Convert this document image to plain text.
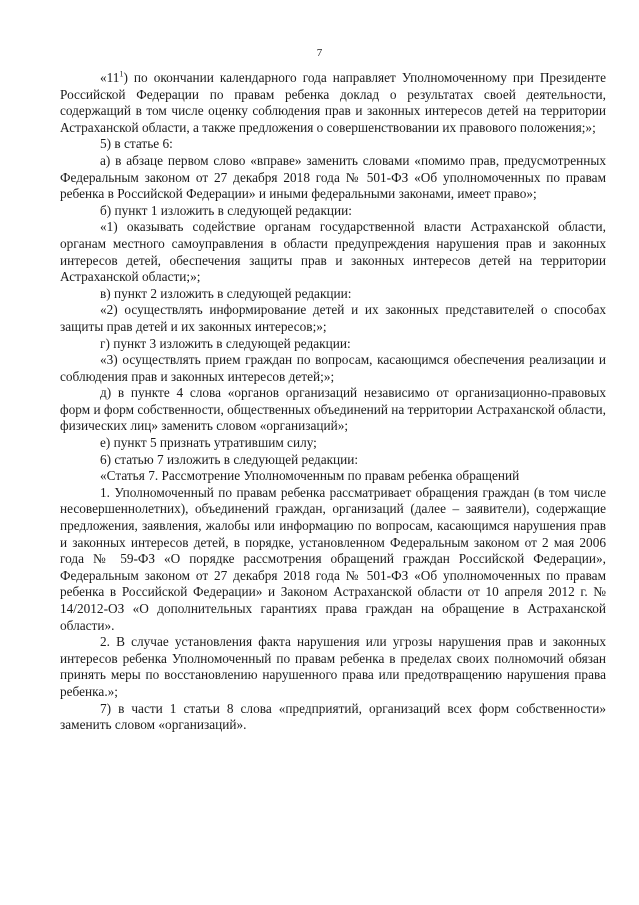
7

«$11^1$) по окончании календарного года направляет Уполномоченному при Президенте Российской Федерации по правам ребенка доклад о результатах своей деятельности, содержащий в том числе оценку соблюдения прав и законных интересов детей на территории Астраханской области, а также предложения о совершенствовании их правового положения;»;

5) в статье 6:

а) в абзаце первом слово «вправе» заменить словами «помимо прав, предусмотренных Федеральным законом от 27 декабря 2018 года № 501-ФЗ «Об уполномоченных по правам ребенка в Российской Федерации» и иными федеральными законами, имеет право»;

б) пункт 1 изложить в следующей редакции:

«1) оказывать содействие органам государственной власти Астраханской области, органам местного самоуправления в области предупреждения нарушения прав и законных интересов детей, обеспечения защиты прав и законных интересов детей на территории Астраханской области;»;

в) пункт 2 изложить в следующей редакции:

«2) осуществлять информирование детей и их законных представителей о способах защиты прав детей и их законных интересов;»;

г) пункт 3 изложить в следующей редакции:

«3) осуществлять прием граждан по вопросам, касающимся обеспечения реализации и соблюдения прав и законных интересов детей;»;

д) в пункте 4 слова «органов организаций независимо от организационно-правовых форм и форм собственности, общественных объединений на территории Астраханской области, физических лиц» заменить словом «организаций»;

е) пункт 5 признать утратившим силу;

6) статью 7 изложить в следующей редакции:

«Статья 7. Рассмотрение Уполномоченным по правам ребенка обращений

1. Уполномоченный по правам ребенка рассматривает обращения граждан (в том числе несовершеннолетних), объединений граждан, организаций (далее – заявители), содержащие предложения, заявления, жалобы или информацию по вопросам, касающимся нарушения прав и законных интересов детей, в порядке, установленном Федеральным законом от 2 мая 2006 года № 59-ФЗ «О порядке рассмотрения обращений граждан Российской Федерации», Федеральным законом от 27 декабря 2018 года № 501-ФЗ «Об уполномоченных по правам ребенка в Российской Федерации» и Законом Астраханской области от 10 апреля 2012 г. № 14/2012-ОЗ «О дополнительных гарантиях права граждан на обращение в Астраханской области».

2. В случае установления факта нарушения или угрозы нарушения прав и законных интересов ребенка Уполномоченный по правам ребенка в пределах своих полномочий обязан принять меры по восстановлению нарушенного права или предотвращению нарушения права ребенка.»;

7) в части 1 статьи 8 слова «предприятий, организаций всех форм собственности» заменить словом «организаций».
